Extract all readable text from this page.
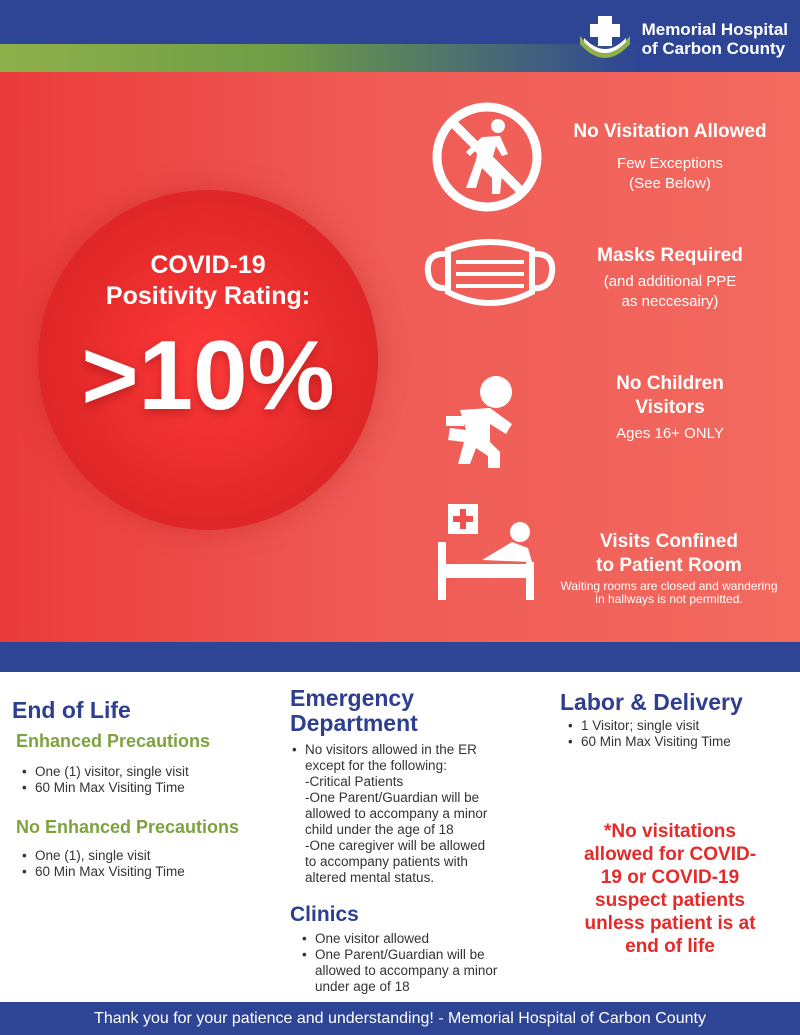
Memorial Hospital
of Carbon County
COVID-19
Positivity Rating:
>10%
No Visitation Allowed
Few Exceptions
(See Below)
Masks Required
(and additional PPE
as neccesairy)
No Children
Visitors
Ages 16+ ONLY
Visits Confined
to Patient Room
Waiting rooms are closed and wandering
in hallways is not permitted.
End of Life
Enhanced Precautions
• One (1) visitor, single visit
• 60 Min Max Visiting Time
No Enhanced Precautions
• One (1), single visit
• 60 Min Max Visiting Time
Emergency
Department
• No visitors allowed in the ER
except for the following:
-Critical Patients
-One Parent/Guardian will be
allowed to accompany a minor
child under the age of 18
-One caregiver will be allowed
to accompany patients with
altered mental status.
Clinics
• One visitor allowed
• One Parent/Guardian will be
allowed to accompany a minor
under age of 18
Labor & Delivery
• 1 Visitor; single visit
• 60 Min Max Visiting Time
*No visitations
allowed for COVID-
19 or COVID-19
suspect patients
unless patient is at
end of life
Thank you for your patience and understanding! - Memorial Hospital of Carbon County
